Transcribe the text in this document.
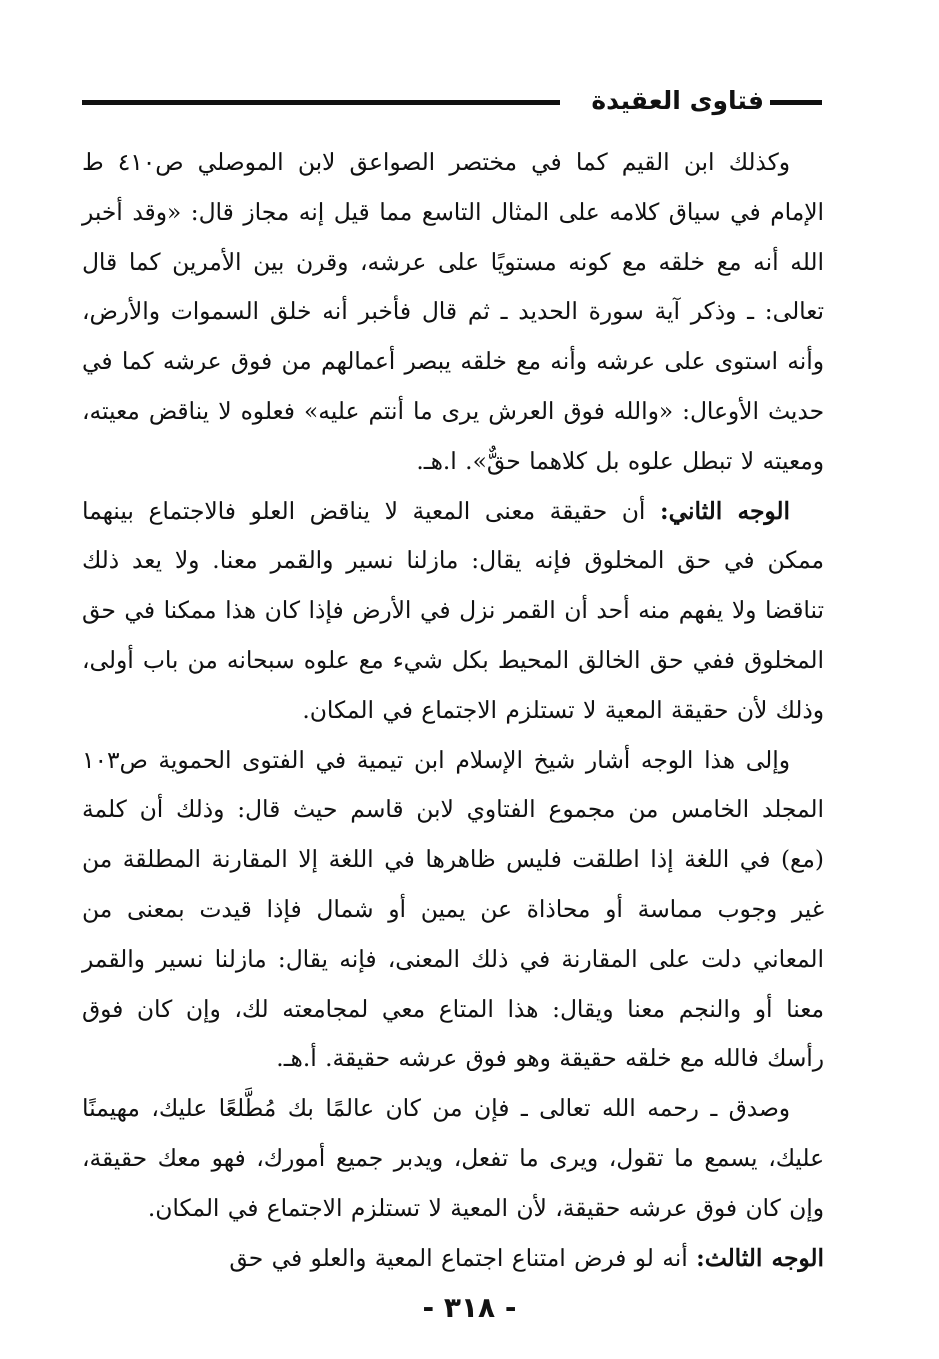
فتاوى العقيدة

وكذلك ابن القيم كما في مختصر الصواعق لابن الموصلي ص٤١٠ ط الإمام في سياق كلامه على المثال التاسع مما قيل إنه مجاز قال: «وقد أخبر الله أنه مع خلقه مع كونه مستويًا على عرشه، وقرن بين الأمرين كما قال تعالى: ـ وذكر آية سورة الحديد ـ ثم قال فأخبر أنه خلق السموات والأرض، وأنه استوى على عرشه وأنه مع خلقه يبصر أعمالهم من فوق عرشه كما في حديث الأوعال: «والله فوق العرش يرى ما أنتم عليه» فعلوه لا يناقض معيته، ومعيته لا تبطل علوه بل كلاهما حقٌّ». ا.هـ.

الوجه الثاني: أن حقيقة معنى المعية لا يناقض العلو فالاجتماع بينهما ممكن في حق المخلوق فإنه يقال: مازلنا نسير والقمر معنا. ولا يعد ذلك تناقضا ولا يفهم منه أحد أن القمر نزل في الأرض فإذا كان هذا ممكنا في حق المخلوق ففي حق الخالق المحيط بكل شيء مع علوه سبحانه من باب أولى، وذلك لأن حقيقة المعية لا تستلزم الاجتماع في المكان.

وإلى هذا الوجه أشار شيخ الإسلام ابن تيمية في الفتوى الحموية ص١٠٣ المجلد الخامس من مجموع الفتاوي لابن قاسم حيث قال: وذلك أن كلمة (مع) في اللغة إذا اطلقت فليس ظاهرها في اللغة إلا المقارنة المطلقة من غير وجوب مماسة أو محاذاة عن يمين أو شمال فإذا قيدت بمعنى من المعاني دلت على المقارنة في ذلك المعنى، فإنه يقال: مازلنا نسير والقمر معنا أو والنجم معنا ويقال: هذا المتاع معي لمجامعته لك، وإن كان فوق رأسك فالله مع خلقه حقيقة وهو فوق عرشه حقيقة. أ.هـ.

وصدق ـ رحمه الله تعالى ـ فإن من كان عالمًا بك مُطَّلعًا عليك، مهيمنًا عليك، يسمع ما تقول، ويرى ما تفعل، ويدبر جميع أمورك، فهو معك حقيقة، وإن كان فوق عرشه حقيقة، لأن المعية لا تستلزم الاجتماع في المكان.

الوجه الثالث: أنه لو فرض امتناع اجتماع المعية والعلو في حق

- ٣١٨ -
